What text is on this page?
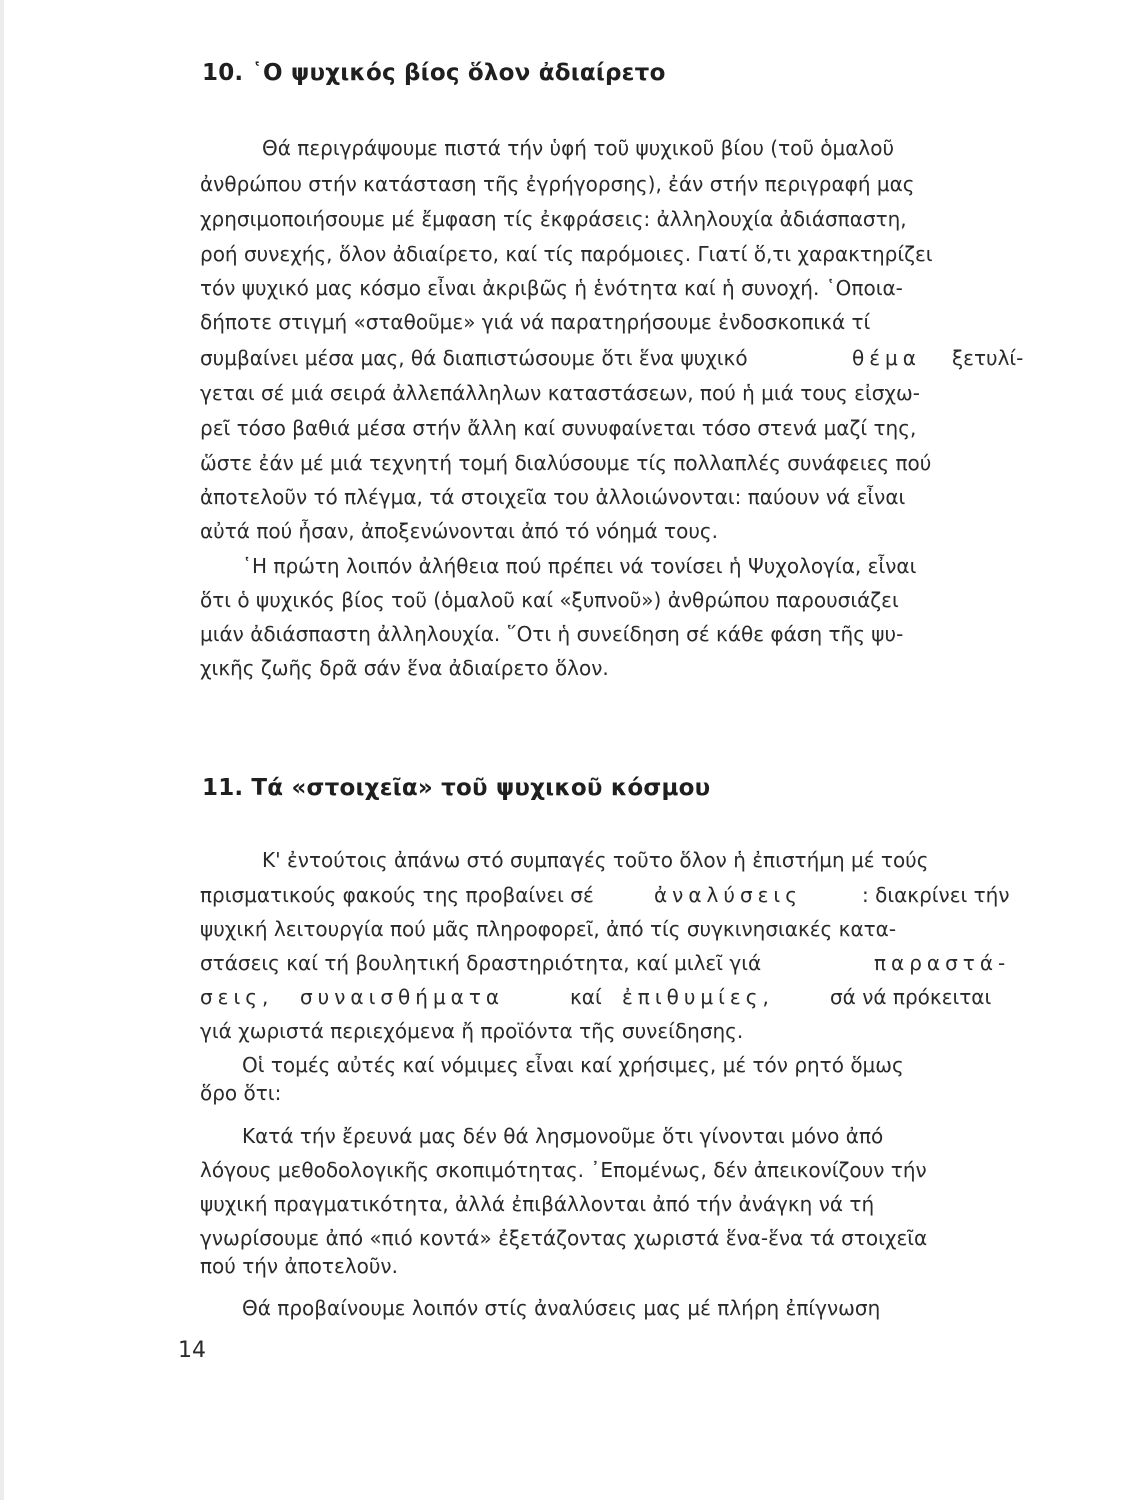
10. ῾Ο ψυχικός βίος ὅλον ἀδιαίρετο
Θά περιγράψουμε πιστά τήν ὑφή τοῦ ψυχικοῦ βίου (τοῦ ὁμαλοῦ
ἀνθρώπου στήν κατάσταση τῆς ἐγρήγορσης), ἐάν στήν περιγραφή μας
χρησιμοποιήσουμε μέ ἔμφαση τίς ἐκφράσεις: ἀλληλουχία ἀδιάσπαστη,
ροή συνεχής, ὅλον ἀδιαίρετο, καί τίς παρόμοιες. Γιατί ὅ,τι χαρακτηρίζει
τόν ψυχικό μας κόσμο εἶναι ἀκριβῶς ἡ ἑνότητα καί ἡ συνοχή. ῾Οποια-
δήποτε στιγμή «σταθοῦμε» γιά νά παρατηρήσουμε ἐνδοσκοπικά τί
συμβαίνει μέσα μας, θά διαπιστώσουμε ὅτι ἕνα ψυχικό	θέμα ξετυλί-
γεται σέ μιά σειρά ἀλλεπάλληλων καταστάσεων, πού ἡ μιά τους εἰσχω-
ρεῖ τόσο βαθιά μέσα στήν ἄλλη καί συνυφαίνεται τόσο στενά μαζί της,
ὥστε ἐάν μέ μιά τεχνητή τομή διαλύσουμε τίς πολλαπλές συνάφειες πού
ἀποτελοῦν τό πλέγμα, τά στοιχεῖα του ἀλλοιώνονται: παύουν νά εἶναι
αὐτά πού ἦσαν, ἀποξενώνονται ἀπό τό νόημά τους.
῾Η πρώτη λοιπόν ἀλήθεια πού πρέπει νά τονίσει ἡ Ψυχολογία, εἶναι
ὅτι ὁ ψυχικός βίος τοῦ (ὁμαλοῦ καί «ξυπνοῦ») ἀνθρώπου παρουσιάζει
μιάν ἀδιάσπαστη ἀλληλουχία. ῞Οτι ἡ συνείδηση σέ κάθε φάση τῆς ψυ-
χικῆς ζωῆς δρᾶ σάν ἕνα ἀδιαίρετο ὅλον.
11. Τά «στοιχεῖα» τοῦ ψυχικοῦ κόσμου
Κ' ἐντούτοις ἀπάνω στό συμπαγές τοῦτο ὅλον ἡ ἐπιστήμη μέ τούς
πρισματικούς φακούς της προβαίνει σέ	ἀναλύσεις	: διακρίνει τήν
ψυχική λειτουργία πού μᾶς πληροφορεῖ, ἀπό τίς συγκινησιακές κατα-
στάσεις καί τή βουλητική δραστηριότητα, καί μιλεῖ γιά	παραστά-
σεις, συναισθήματα	καί ἐπιθυμίες,	σά νά πρόκειται
γιά χωριστά περιεχόμενα ἤ προϊόντα τῆς συνείδησης.
Οἱ τομές αὐτές καί νόμιμες εἶναι καί χρήσιμες, μέ τόν ρητό ὅμως
ὅρο ὅτι:
Κατά τήν ἔρευνά μας δέν θά λησμονοῦμε ὅτι γίνονται μόνο ἀπό
λόγους μεθοδολογικῆς σκοπιμότητας. ᾿Επομένως, δέν ἀπεικονίζουν τήν
ψυχική πραγματικότητα, ἀλλά ἐπιβάλλονται ἀπό τήν ἀνάγκη νά τή
γνωρίσουμε ἀπό «πιό κοντά» ἐξετάζοντας χωριστά ἕνα-ἕνα τά στοιχεῖα
πού τήν ἀποτελοῦν.
Θά προβαίνουμε λοιπόν στίς ἀναλύσεις μας μέ πλήρη ἐπίγνωση

14
